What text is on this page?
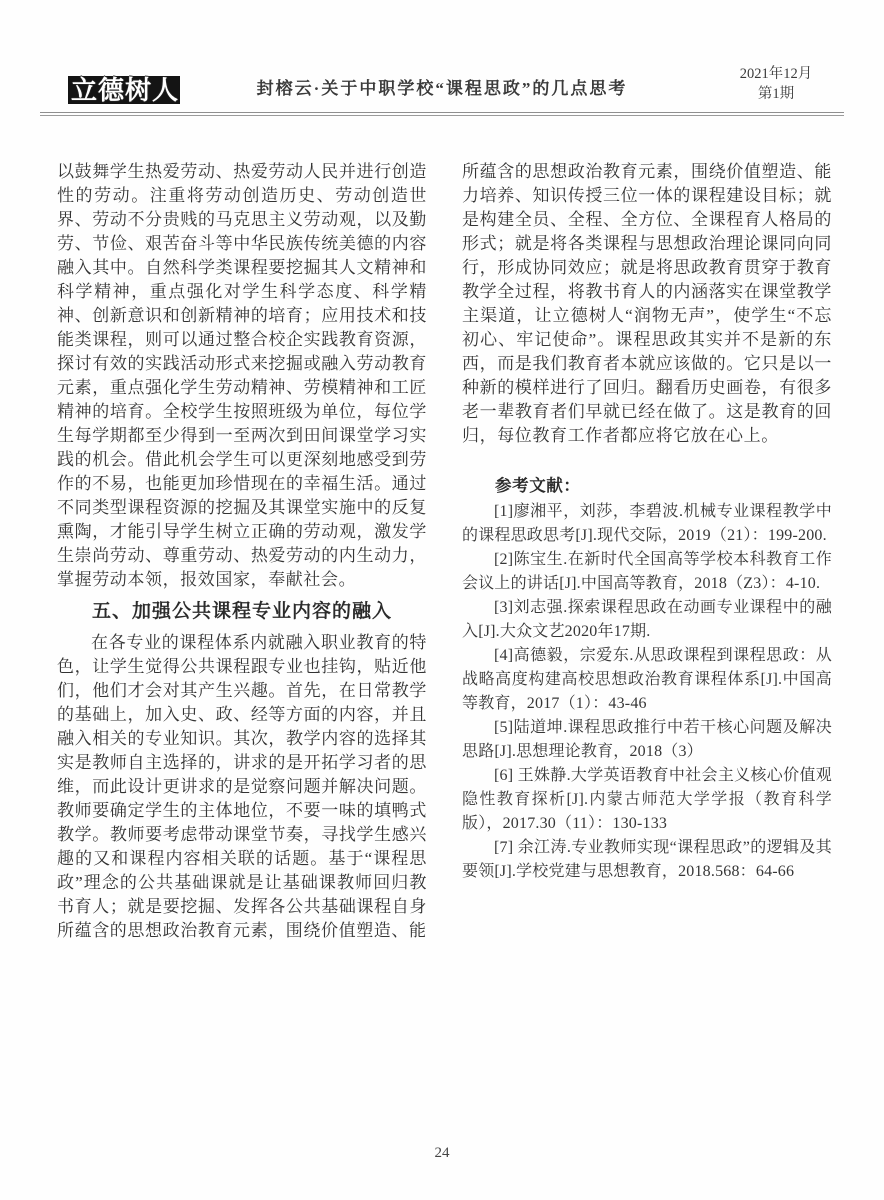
立德树人	封榕云·关于中职学校“课程思政”的几点思考
2021年12月
第1期

以鼓舞学生热爱劳动、热爱劳动人民并进行创造性的劳动。注重将劳动创造历史、劳动创造世界、劳动不分贵贱的马克思主义劳动观，以及勤劳、节俭、艰苦奋斗等中华民族传统美德的内容融入其中。自然科学类课程要挖掘其人文精神和科学精神，重点强化对学生科学态度、科学精神、创新意识和创新精神的培育；应用技术和技能类课程，则可以通过整合校企实践教育资源，探讨有效的实践活动形式来挖掘或融入劳动教育元素，重点强化学生劳动精神、劳模精神和工匠精神的培育。全校学生按照班级为单位，每位学生每学期都至少得到一至两次到田间课堂学习实践的机会。借此机会学生可以更深刻地感受到劳作的不易，也能更加珍惜现在的幸福生活。通过不同类型课程资源的挖掘及其课堂实施中的反复熏陶，才能引导学生树立正确的劳动观，激发学生崇尚劳动、尊重劳动、热爱劳动的内生动力，掌握劳动本领，报效国家，奉献社会。

五、加强公共课程专业内容的融入

在各专业的课程体系内就融入职业教育的特色，让学生觉得公共课程跟专业也挂钩，贴近他们，他们才会对其产生兴趣。首先，在日常教学的基础上，加入史、政、经等方面的内容，并且融入相关的专业知识。其次，教学内容的选择其实是教师自主选择的，讲求的是开拓学习者的思维，而此设计更讲求的是觉察问题并解决问题。教师要确定学生的主体地位，不要一味的填鸭式教学。教师要考虑带动课堂节奏，寻找学生感兴趣的又和课程内容相关联的话题。基于“课程思政”理念的公共基础课就是让基础课教师回归教书育人；就是要挖掘、发挥各公共基础课程自身所蕴含的思想政治教育元素，围绕价值塑造、能

所蕴含的思想政治教育元素，围绕价值塑造、能力培养、知识传授三位一体的课程建设目标；就是构建全员、全程、全方位、全课程育人格局的形式；就是将各类课程与思想政治理论课同向同行，形成协同效应；就是将思政教育贯穿于教育教学全过程，将教书育人的内涵落实在课堂教学主渠道，让立德树人“润物无声”，使学生“不忘初心、牢记使命”。课程思政其实并不是新的东西，而是我们教育者本就应该做的。它只是以一种新的模样进行了回归。翻看历史画卷，有很多老一辈教育者们早就已经在做了。这是教育的回归，每位教育工作者都应将它放在心上。

参考文献：

[1]廖湘平，刘莎，李碧波.机械专业课程教学中的课程思政思考[J].现代交际，2019（21）：199-200.

[2]陈宝生.在新时代全国高等学校本科教育工作会议上的讲话[J].中国高等教育，2018（Z3）：4-10.

[3]刘志强.探索课程思政在动画专业课程中的融入[J].大众文艺2020年17期.

[4]高德毅，宗爱东.从思政课程到课程思政：从战略高度构建高校思想政治教育课程体系[J].中国高等教育，2017（1）：43-46

[5]陆道坤.课程思政推行中若干核心问题及解决思路[J].思想理论教育，2018（3）

[6] 王姝静.大学英语教育中社会主义核心价值观隐性教育探析[J].内蒙古师范大学学报（教育科学版），2017.30（11）：130-133

[7] 余江涛.专业教师实现“课程思政”的逻辑及其要领[J].学校党建与思想教育，2018.568：64-66

24
